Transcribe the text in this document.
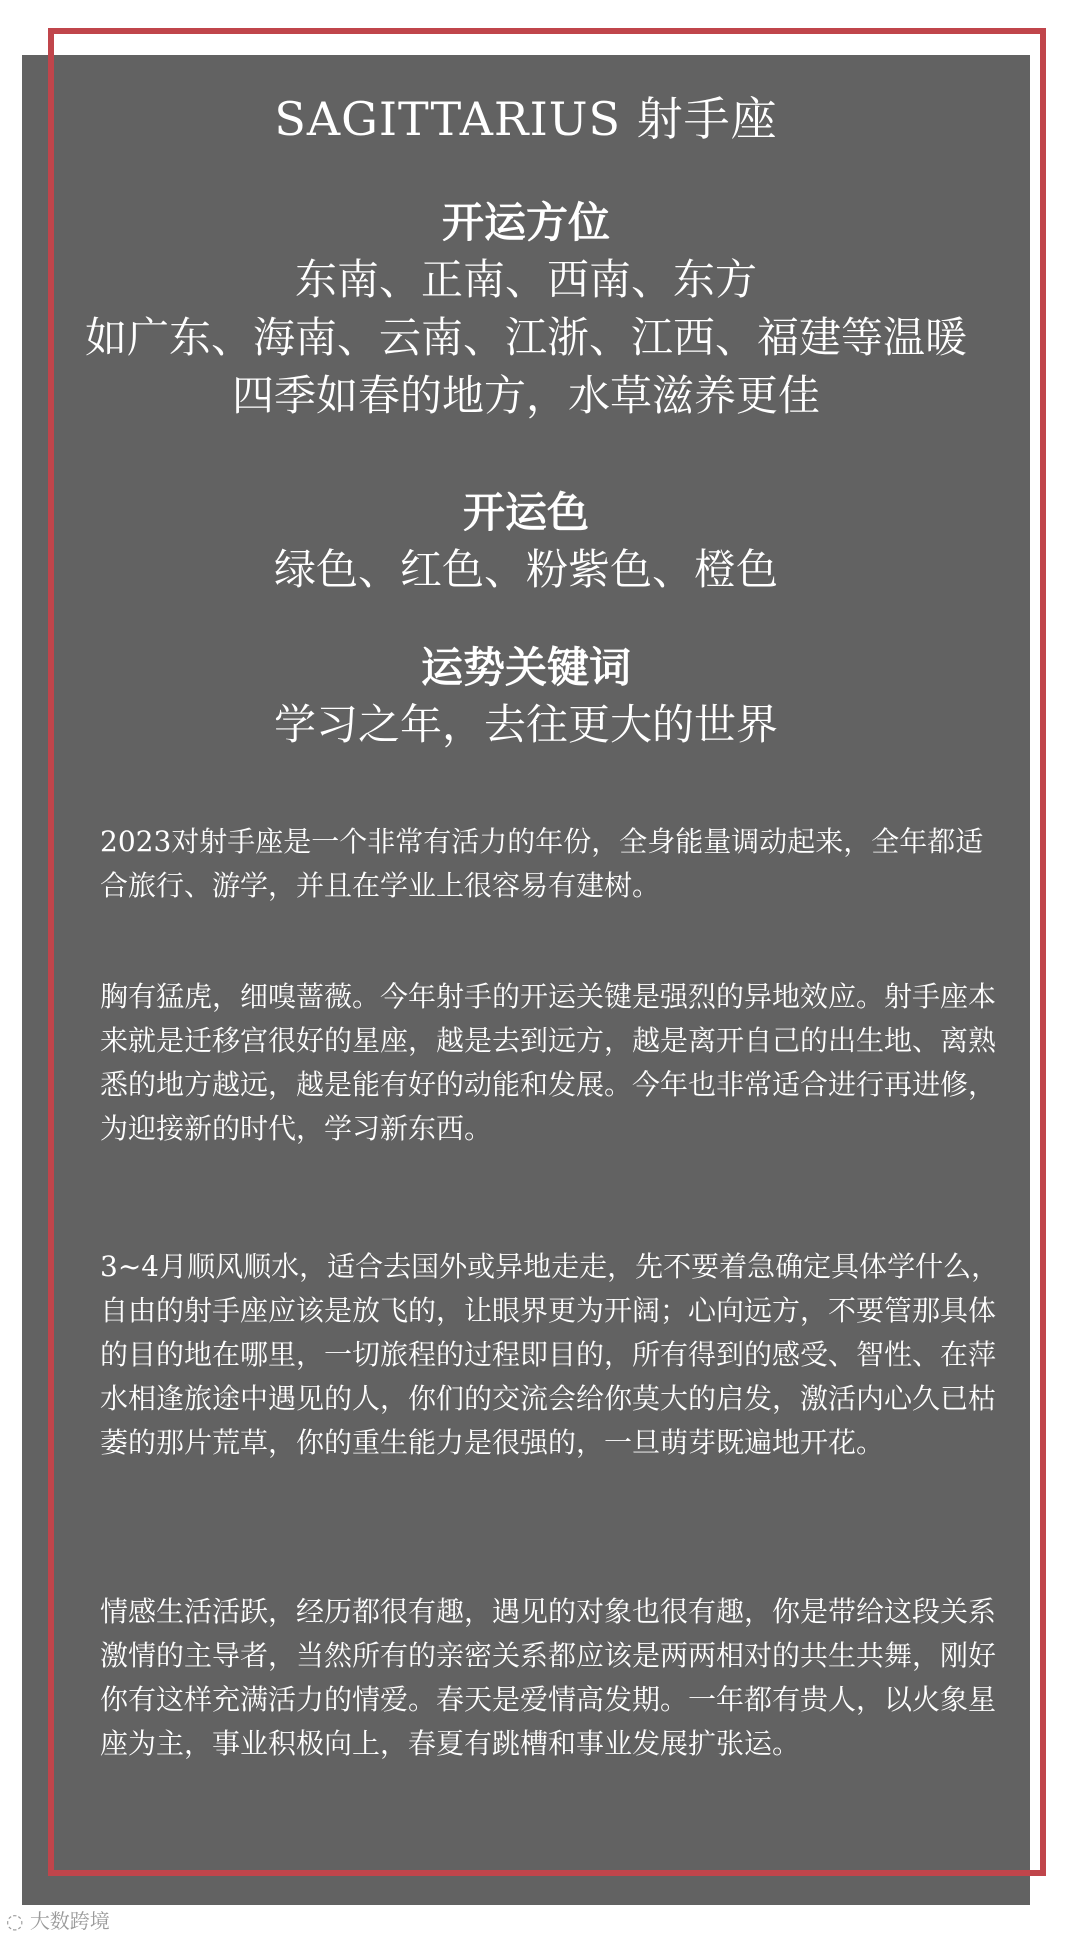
SAGITTARIUS 射手座
开运方位
东南、正南、西南、东方
如广东、海南、云南、江浙、江西、福建等温暖
四季如春的地方，水草滋养更佳
开运色
绿色、红色、粉紫色、橙色
运势关键词
学习之年，去往更大的世界
2023对射手座是一个非常有活力的年份，全身能量调动起来，全年都适合旅行、游学，并且在学业上很容易有建树。
胸有猛虎，细嗅蔷薇。今年射手的开运关键是强烈的异地效应。射手座本来就是迁移宫很好的星座，越是去到远方，越是离开自己的出生地、离熟悉的地方越远，越是能有好的动能和发展。今年也非常适合进行再进修，为迎接新的时代，学习新东西。
3~4月顺风顺水，适合去国外或异地走走，先不要着急确定具体学什么，自由的射手座应该是放飞的，让眼界更为开阔；心向远方，不要管那具体的目的地在哪里，一切旅程的过程即目的，所有得到的感受、智性、在萍水相逢旅途中遇见的人，你们的交流会给你莫大的启发，激活内心久已枯萎的那片荒草，你的重生能力是很强的，一旦萌芽既遍地开花。
情感生活活跃，经历都很有趣，遇见的对象也很有趣，你是带给这段关系激情的主导者，当然所有的亲密关系都应该是两两相对的共生共舞，刚好你有这样充满活力的情爱。春天是爱情高发期。一年都有贵人，以火象星座为主，事业积极向上，春夏有跳槽和事业发展扩张运。
◌ 大数跨境
